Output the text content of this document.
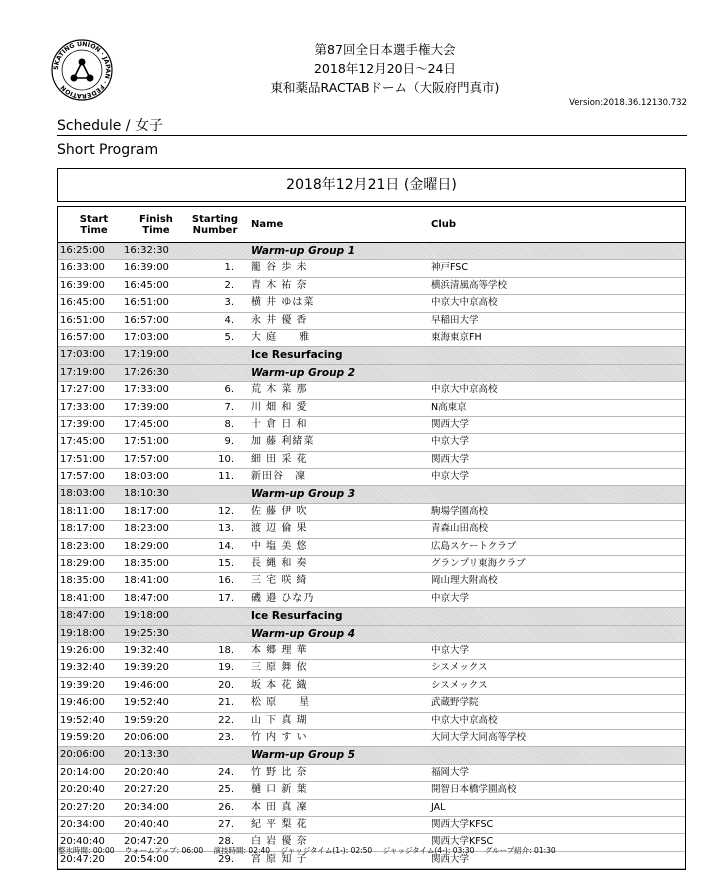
SKATING UNION · JAPAN · FEDERATION
第87回全日本選手権大会
2018年12月20日～24日
東和薬品RACTABドーム（大阪府門真市)
Version:2018.36.12130.732
Schedule / 女子
Short Program
2018年12月21日 (金曜日)
Start
Time
Finish
Time
Starting
Number Name	Club
16:25:00 16:32:30	Warm-up Group 1
16:33:00 16:39:00	1. 籠 谷 歩 未	神戸FSC
16:39:00 16:45:00	2. 青 木 祐 奈	横浜清風高等学校
16:45:00 16:51:00	3. 横 井 ゆは菜	中京大中京高校
16:51:00 16:57:00	4. 永 井 優 香	早稲田大学
16:57:00 17:03:00	5. 大 庭　　雅	東海東京FH
17:03:00 17:19:00	Ice Resurfacing
17:19:00 17:26:30	Warm-up Group 2
17:27:00 17:33:00	6. 荒 木 菜 那	中京大中京高校
17:33:00 17:39:00	7. 川 畑 和 愛	N高東京
17:39:00 17:45:00	8. 十 倉 日 和	関西大学
17:45:00 17:51:00	9. 加 藤 利緒菜	中京大学
17:51:00 17:57:00	10. 細 田 采 花	関西大学
17:57:00 18:03:00	11. 新田谷　凜	中京大学
18:03:00 18:10:30	Warm-up Group 3
18:11:00 18:17:00	12. 佐 藤 伊 吹	駒場学園高校
18:17:00 18:23:00	13. 渡 辺 倫 果	青森山田高校
18:23:00 18:29:00	14. 中 塩 美 悠	広島スケートクラブ
18:29:00 18:35:00	15. 長 縄 和 奏	グランプリ東海クラブ
18:35:00 18:41:00	16. 三 宅 咲 綺	岡山理大附高校
18:41:00 18:47:00	17. 磯 邉 ひな乃	中京大学
18:47:00 19:18:00	Ice Resurfacing
19:18:00 19:25:30	Warm-up Group 4
19:26:00 19:32:40	18. 本 郷 理 華	中京大学
19:32:40 19:39:20	19. 三 原 舞 依	シスメックス
19:39:20 19:46:00	20. 坂 本 花 織	シスメックス
19:46:00 19:52:40	21. 松 原　　星	武蔵野学院
19:52:40 19:59:20	22. 山 下 真 瑚	中京大中京高校
19:59:20 20:06:00	23. 竹 内 す い	大同大学大同高等学校
20:06:00 20:13:30	Warm-up Group 5
20:14:00 20:20:40	24. 竹 野 比 奈	福岡大学
20:20:40 20:27:20	25. 樋 口 新 葉	開智日本橋学園高校
20:27:20 20:34:00	26. 本 田 真 凜	JAL
20:34:00 20:40:40	27. 紀 平 梨 花	関西大学KFSC
20:40:40 20:47:20	28. 白 岩 優 奈	関西大学KFSC
20:47:20 20:54:00	29. 宮 原 知 子	関西大学
整氷時間: 00:00 ウォームアップ: 06:00 演技時間: 02:40 ジャッジタイム(1-): 02:50 ジャッジタイム(4-): 03:30 グループ紹介: 01:30
